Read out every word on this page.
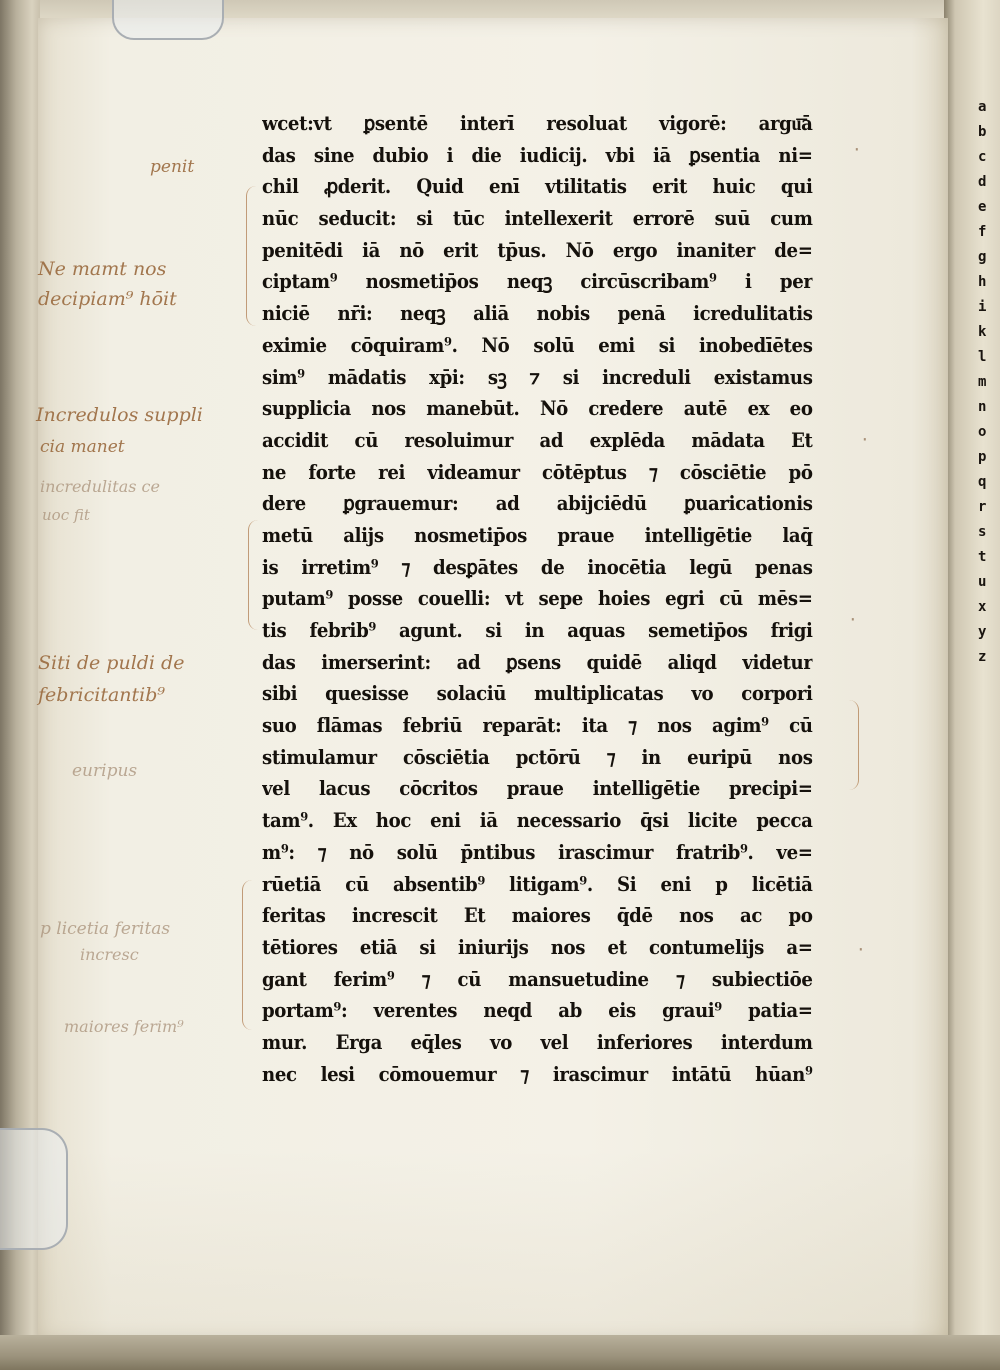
a
b
c
d
e
f
g
h
i
k
l
m
n
o
p
q
r
s
t
u
x
y
z
·
·
·
·
penit
Ne mamt nos
decipiam⁹ hōit
Incredulos suppli
cia manet
incredulitas ce
uoc fit
Siti de puldi de
febricitantib⁹
euripus
p licetia feritas
incresc
maiores ferim⁹
wcet:vt ꝑsentē interī resoluat vigorē: argu͞ā
das sine dubio i die iudicij. vbi iā ꝑsentia ni=
chil ꝓderit. Quid enī vtilitatis erit huic qui
nūc seducit: si tūc intellexerit errorē suū cum
penitēdi iā nō erit tp̄us. Nō ergo inaniter de=
ciptam⁹ nosmetip̄os neqꝫ circūscribam⁹ i per
niciē nr̄i: neqꝫ aliā nobis penā icredulitatis
eximie cōquiram⁹. Nō solū emi si inobedīētes
sim⁹ mādatis xp̄i: sꝫ ⁊ si increduli existamus
supplicia nos manebūt. Nō credere autē ex eo
accidit cū resoluimur ad explēda mādata Et
ne forte rei videamur cōtēptus ⁊ cōsciētie pō
dere ꝑgrauemur: ad abijciēdū ꝑuaricationis
metū alijs nosmetip̄os praue intelligētie laq̄
is irretim⁹ ⁊ desꝑātes de inocētia legū penas
putam⁹ posse couelli: vt sepe hoies egri cū mēs=
tis febrib⁹ agunt. si in aquas semetip̄os frigi
das imerserint: ad ꝑsens quidē aliqd videtur
sibi quesisse solaciū multiplicatas vo corpori
suo flāmas febriū reparāt: ita ⁊ nos agim⁹ cū
stimulamur cōsciētia pctōrū ⁊ in euripū nos
vel lacus cōcritos praue intelligētie precipi=
tam⁹. Ex hoc eni iā necessario q̄si licite pecca
m⁹: ⁊ nō solū p̄ntibus irascimur fratrib⁹. ve=
rūetiā cū absentib⁹ litigam⁹. Si eni p licētiā
feritas increscit Et maiores q̄dē nos ac po
tētiores etiā si iniurijs nos et contumelijs a=
gant ferim⁹ ⁊ cū mansuetudine ⁊ subiectiōe
portam⁹: verentes neqd ab eis graui⁹ patia=
mur. Erga eq̄les vo vel inferiores interdum
nec lesi cōmouemur ⁊ irascimur intātū hūan⁹
